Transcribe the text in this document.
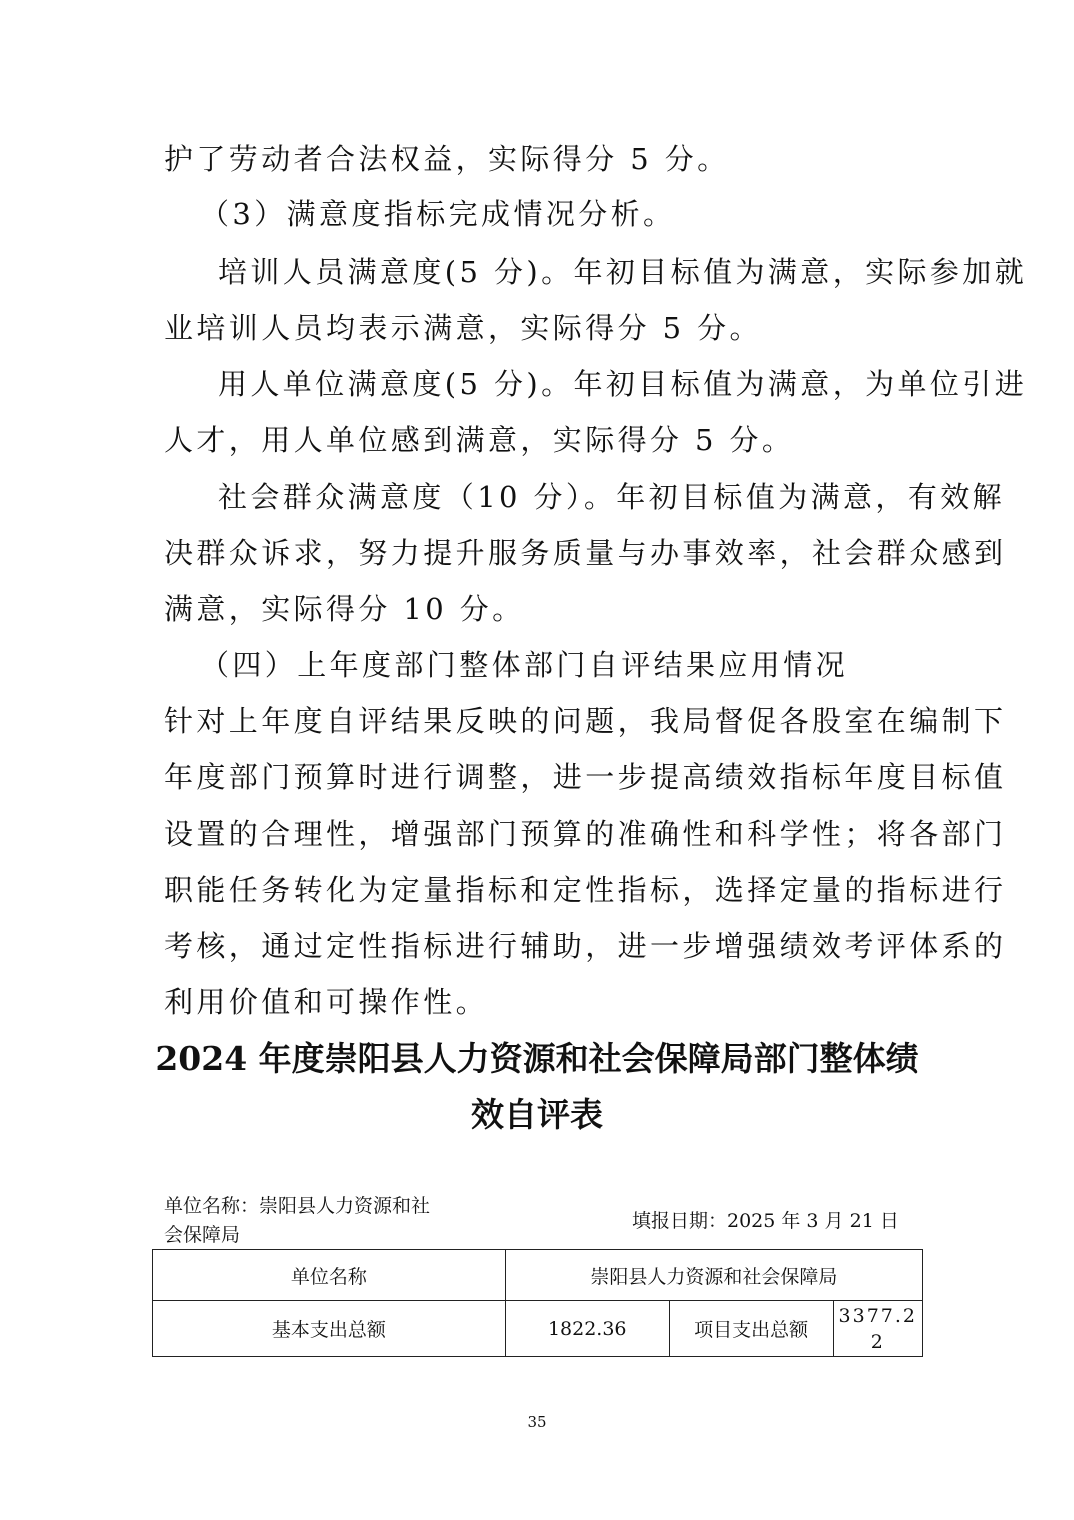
护了劳动者合法权益，实际得分 5 分。
（3）满意度指标完成情况分析。
培训人员满意度(5 分)。年初目标值为满意，实际参加就
业培训人员均表示满意，实际得分 5 分。
用人单位满意度(5 分)。年初目标值为满意，为单位引进
人才，用人单位感到满意，实际得分 5 分。
社会群众满意度（10 分）。年初目标值为满意，有效解
决群众诉求，努力提升服务质量与办事效率，社会群众感到
满意，实际得分 10 分。
（四）上年度部门整体部门自评结果应用情况
针对上年度自评结果反映的问题，我局督促各股室在编制下
年度部门预算时进行调整，进一步提高绩效指标年度目标值
设置的合理性，增强部门预算的准确性和科学性；将各部门
职能任务转化为定量指标和定性指标，选择定量的指标进行
考核，通过定性指标进行辅助，进一步增强绩效考评体系的
利用价值和可操作性。
2024 年度崇阳县人力资源和社会保障局部门整体绩
效自评表
单位名称：崇阳县人力资源和社
会保障局
填报日期：2025 年 3 月 21 日
单位名称	崇阳县人力资源和社会保障局		
基本支出总额	1822.36	项目支出总额	3377.22
35
